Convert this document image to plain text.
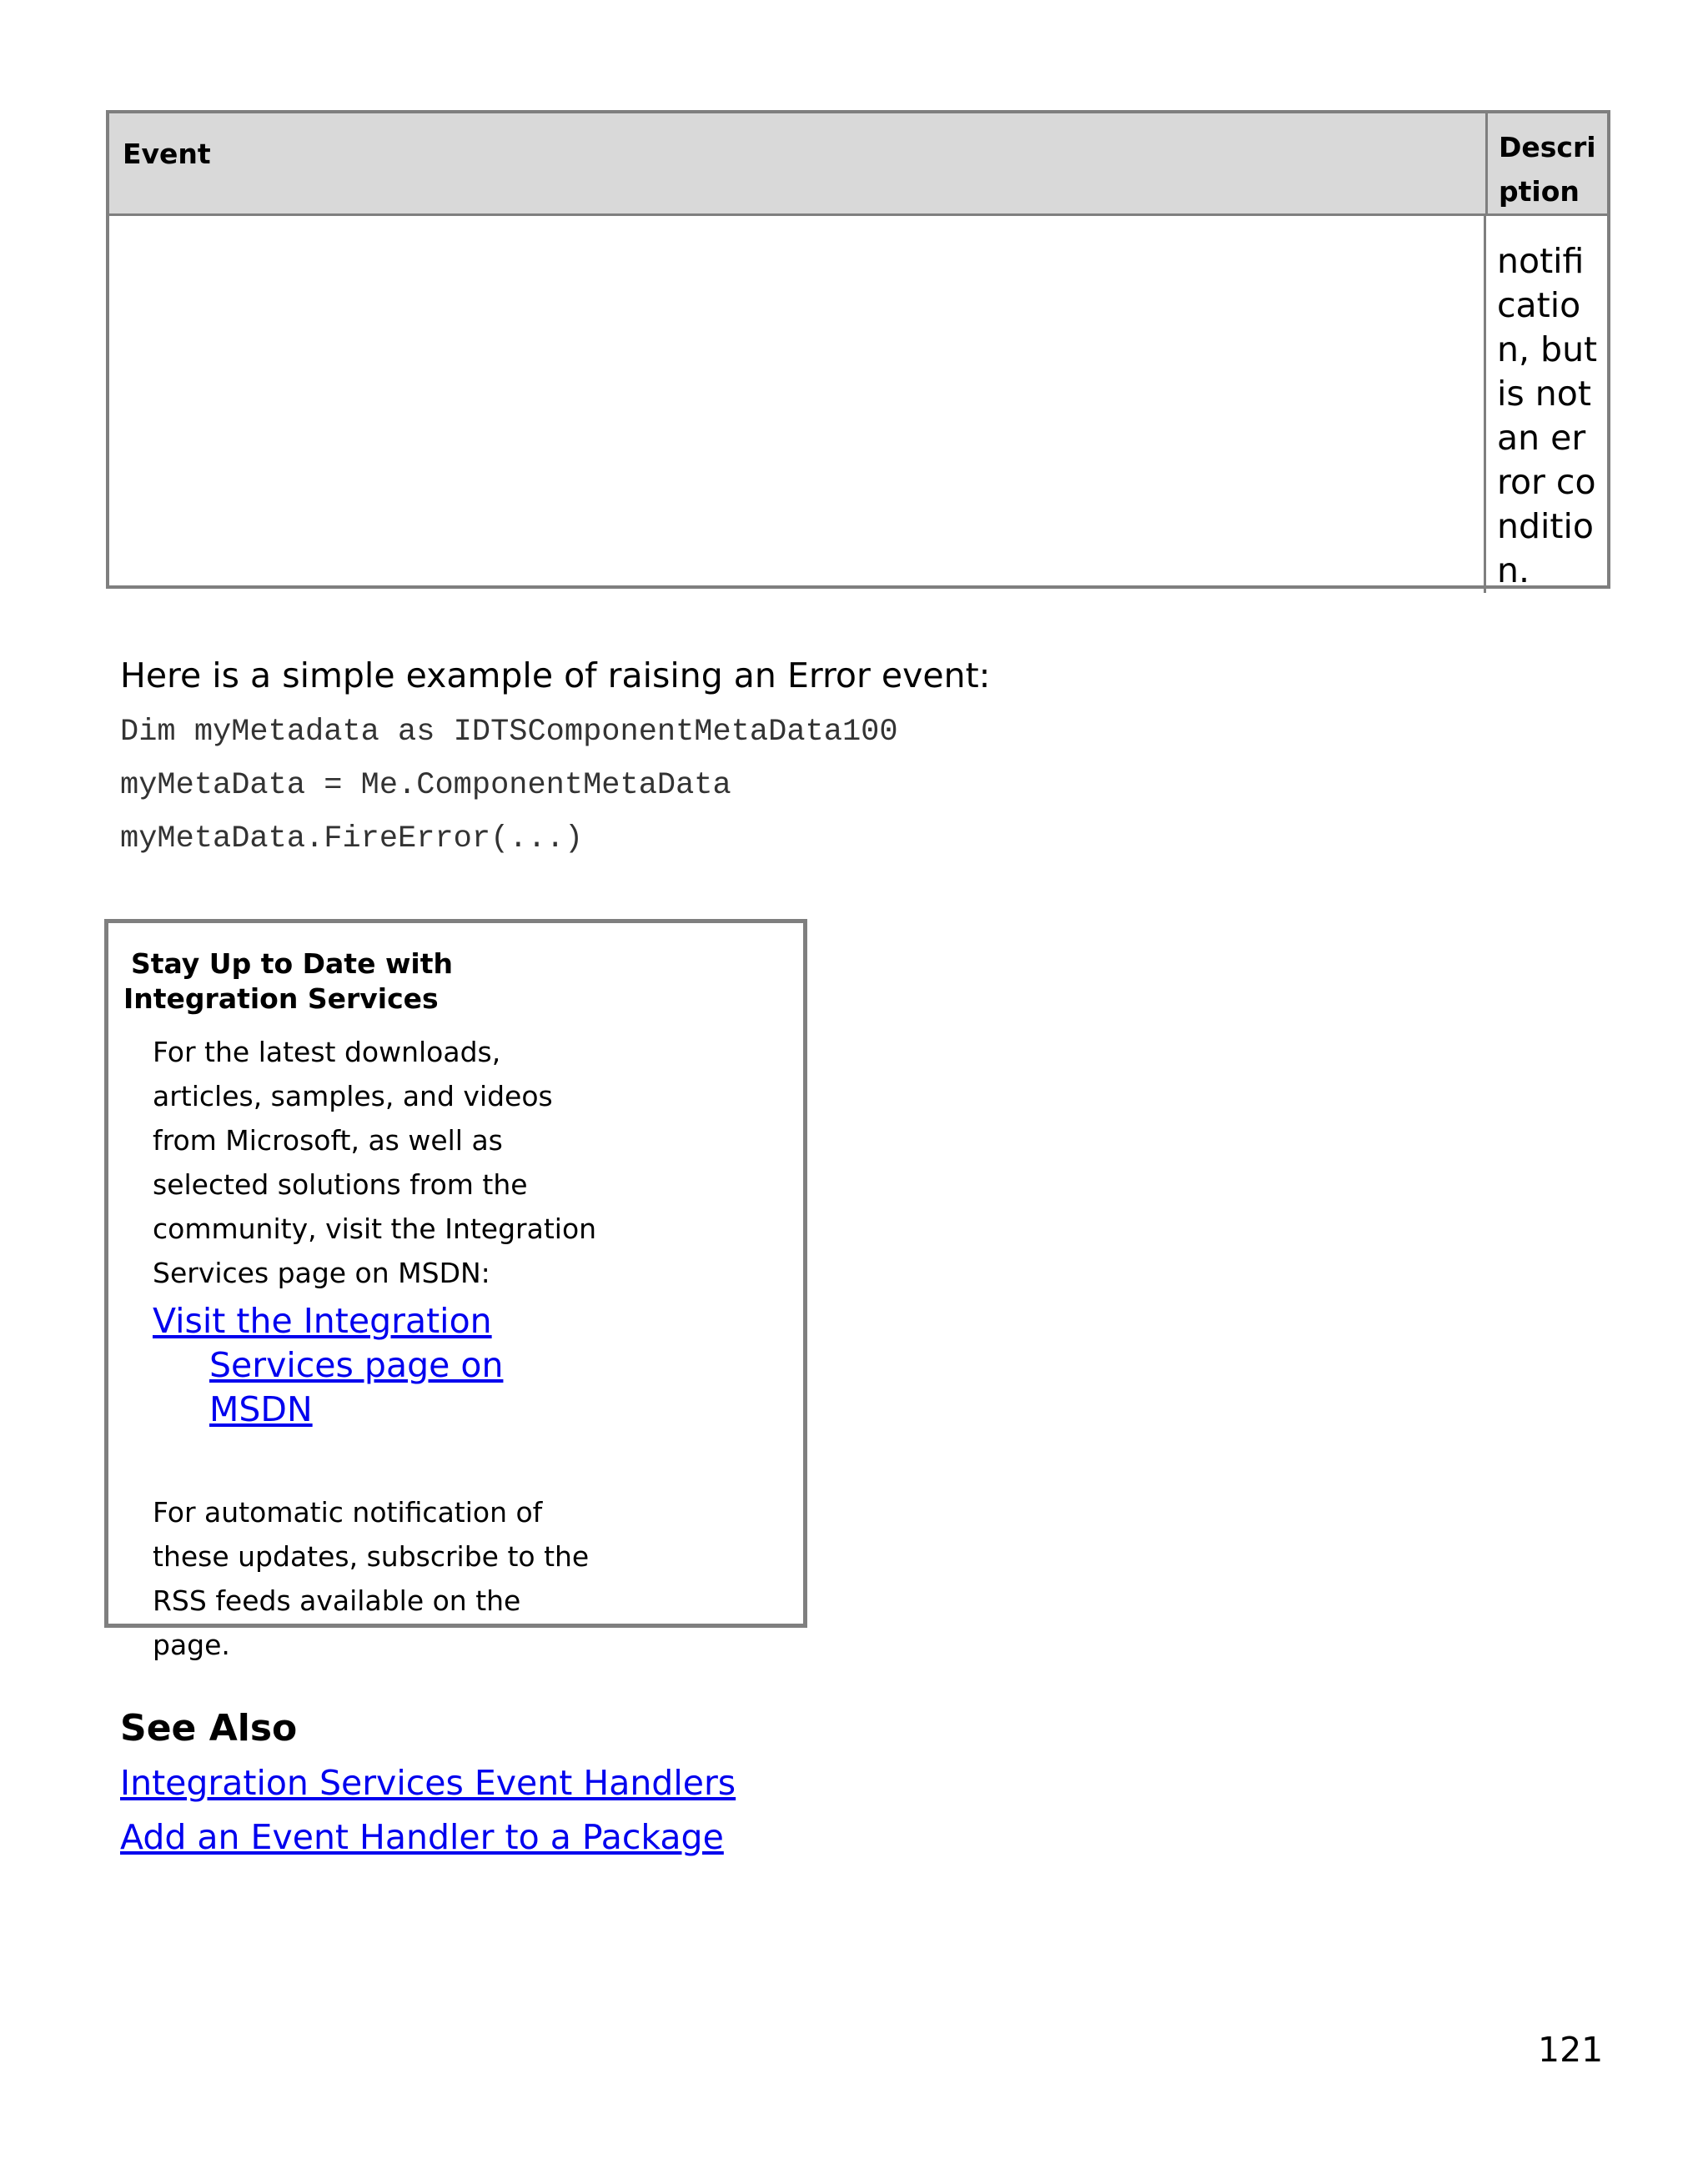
Event	Description
notification, but is not an error condition.
Here is a simple example of raising an Error event:
Dim myMetadata as IDTSComponentMetaData100
myMetaData = Me.ComponentMetaData
myMetaData.FireError(...)
Stay Up to Date with Integration Services
For the latest downloads, articles, samples, and videos from Microsoft, as well as selected solutions from the community, visit the Integration Services page on MSDN:
Visit the Integration Services page on MSDN
For automatic notification of these updates, subscribe to the RSS feeds available on the page.
See Also
Integration Services Event Handlers
Add an Event Handler to a Package
121
